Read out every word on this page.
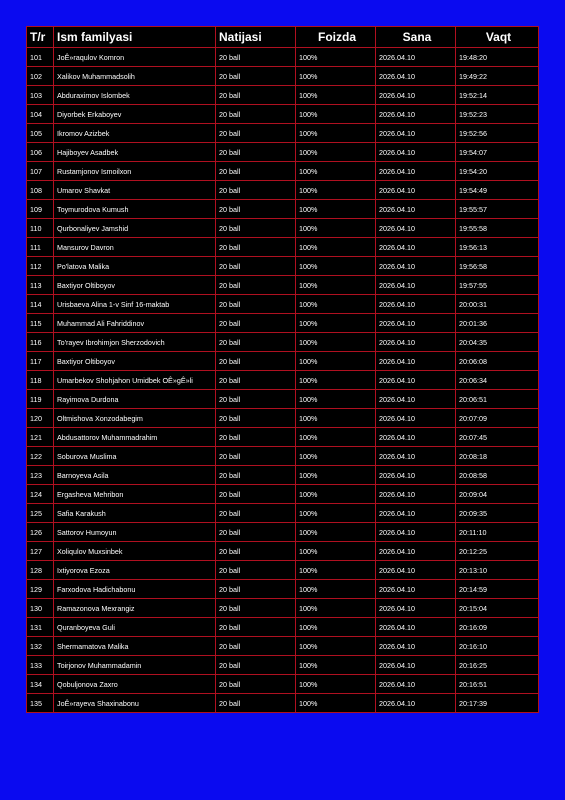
T/r	Ism familyasi	Natijasi	Foizda	Sana	Vaqt
101	JoÊ»raqulov Komron	20 ball	100%	2026.04.10	19:48:20
102	Xalikov Muhammadsolih	20 ball	100%	2026.04.10	19:49:22
103	Abduraximov Islombek	20 ball	100%	2026.04.10	19:52:14
104	Diyorbek Erkaboyev	20 ball	100%	2026.04.10	19:52:23
105	Ikromov Azizbek	20 ball	100%	2026.04.10	19:52:56
106	Hajiboyev Asadbek	20 ball	100%	2026.04.10	19:54:07
107	Rustamjonov Ismoilxon	20 ball	100%	2026.04.10	19:54:20
108	Umarov Shavkat	20 ball	100%	2026.04.10	19:54:49
109	Toymurodova Kumush	20 ball	100%	2026.04.10	19:55:57
110	Qurbonaliyev Jamshid	20 ball	100%	2026.04.10	19:55:58
111	Mansurov Davron	20 ball	100%	2026.04.10	19:56:13
112	Po'latova Malika	20 ball	100%	2026.04.10	19:56:58
113	Baxtiyor Oltiboyov	20 ball	100%	2026.04.10	19:57:55
114	Urisbaeva Alina 1-v Sinf 16-maktab	20 ball	100%	2026.04.10	20:00:31
115	Muhammad Ali Fahriddinov	20 ball	100%	2026.04.10	20:01:36
116	To'rayev Ibrohimjon Sherzodovich	20 ball	100%	2026.04.10	20:04:35
117	Baxtiyor Oltiboyov	20 ball	100%	2026.04.10	20:06:08
118	Umarbekov Shohjahon Umidbek OÊ»gÊ»li	20 ball	100%	2026.04.10	20:06:34
119	Rayimova Durdona	20 ball	100%	2026.04.10	20:06:51
120	Oltmishova Xonzodabegim	20 ball	100%	2026.04.10	20:07:09
121	Abdusattorov Muhammadrahim	20 ball	100%	2026.04.10	20:07:45
122	Soburova Muslima	20 ball	100%	2026.04.10	20:08:18
123	Barnoyeva Asila	20 ball	100%	2026.04.10	20:08:58
124	Ergasheva Mehribon	20 ball	100%	2026.04.10	20:09:04
125	Safia Karakush	20 ball	100%	2026.04.10	20:09:35
126	Sattorov Humoyun	20 ball	100%	2026.04.10	20:11:10
127	Xoliqulov Muxsinbek	20 ball	100%	2026.04.10	20:12:25
128	Ixtiyorova Ezoza	20 ball	100%	2026.04.10	20:13:10
129	Farxodova Hadichabonu	20 ball	100%	2026.04.10	20:14:59
130	Ramazonova Mexrangiz	20 ball	100%	2026.04.10	20:15:04
131	Quranboyeva Guli	20 ball	100%	2026.04.10	20:16:09
132	Shermamatova Malika	20 ball	100%	2026.04.10	20:16:10
133	Toirjonov Muhammadamin	20 ball	100%	2026.04.10	20:16:25
134	Qobuljonova Zaxro	20 ball	100%	2026.04.10	20:16:51
135	JoÊ»rayeva Shaxinabonu	20 ball	100%	2026.04.10	20:17:39
